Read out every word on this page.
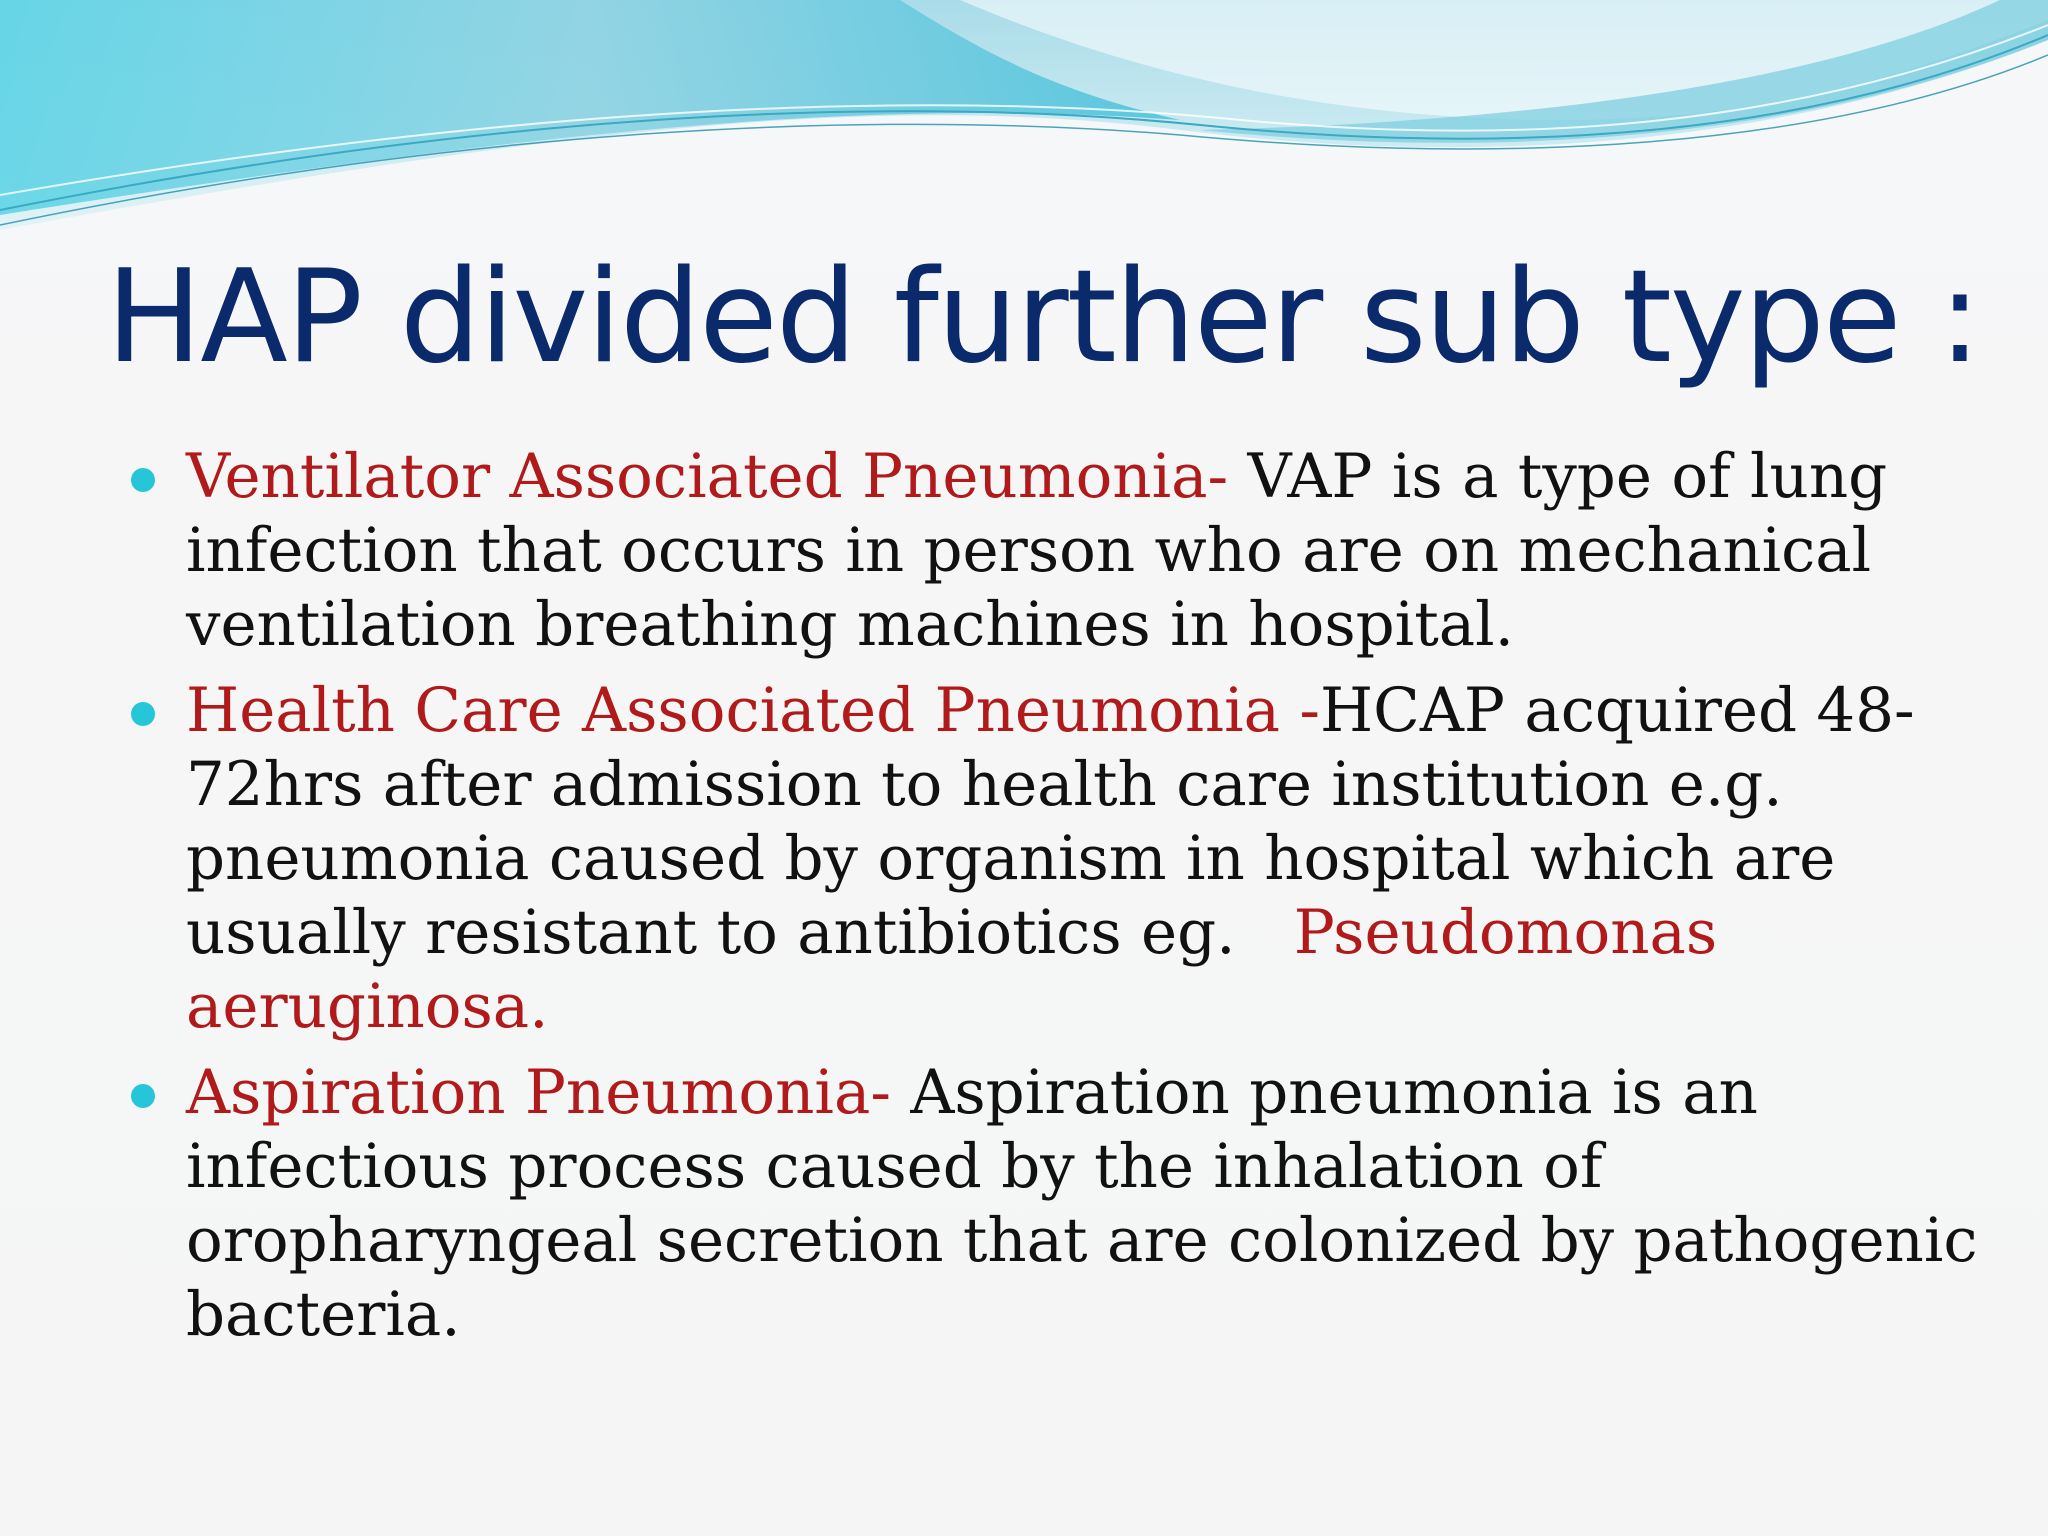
HAP divided further sub type :
Ventilator Associated Pneumonia- VAP is a type of lung infection that occurs in person who are on mechanical ventilation breathing machines in hospital.
Health Care Associated Pneumonia -HCAP acquired 48-72hrs after admission to health care institution e.g. pneumonia caused by organism in hospital which are usually resistant to antibiotics eg.   Pseudomonas aeruginosa.
Aspiration Pneumonia- Aspiration pneumonia is an infectious process caused by the inhalation of oropharyngeal secretion that are colonized by pathogenic bacteria.
